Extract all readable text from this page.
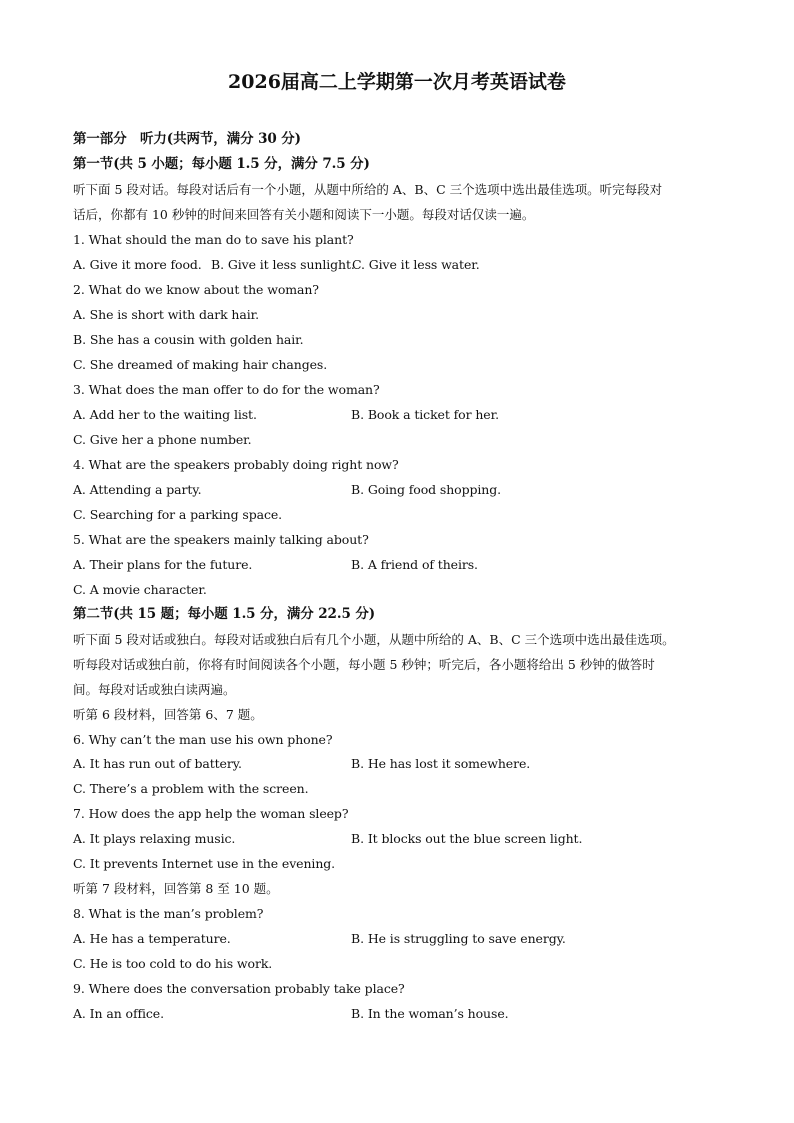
2026届高二上学期第一次月考英语试卷
第一部分　听力(共两节，满分 30 分)
第一节(共 5 小题；每小题 1.5 分，满分 7.5 分)
听下面 5 段对话。每段对话后有一个小题，从题中所给的 A、B、C 三个选项中选出最佳选项。听完每段对
话后，你都有 10 秒钟的时间来回答有关小题和阅读下一小题。每段对话仅读一遍。
1. What should the man do to save his plant?
A. Give it more food. B. Give it less sunlight.
C. Give it less water.
2. What do we know about the woman?
A. She is short with dark hair.
B. She has a cousin with golden hair.
C. She dreamed of making hair changes.
3. What does the man offer to do for the woman?
A. Add her to the waiting list.	B. Book a ticket for her.
C. Give her a phone number.
4. What are the speakers probably doing right now?
A. Attending a party.	B. Going food shopping.
C. Searching for a parking space.
5. What are the speakers mainly talking about?
A. Their plans for the future.	B. A friend of theirs.
C. A movie character.
第二节(共 15 题；每小题 1.5 分，满分 22.5 分)
听下面 5 段对话或独白。每段对话或独白后有几个小题，从题中所给的 A、B、C 三个选项中选出最佳选项。
听每段对话或独白前，你将有时间阅读各个小题，每小题 5 秒钟；听完后，各小题将给出 5 秒钟的做答时
间。每段对话或独白读两遍。
听第 6 段材料，回答第 6、7 题。
6. Why can’t the man use his own phone?
A. It has run out of battery.	B. He has lost it somewhere.
C. There’s a problem with the screen.
7. How does the app help the woman sleep?
A. It plays relaxing music.	B. It blocks out the blue screen light.
C. It prevents Internet use in the evening.
听第 7 段材料，回答第 8 至 10 题。
8. What is the man’s problem?
A. He has a temperature.	B. He is struggling to save energy.
C. He is too cold to do his work.
9. Where does the conversation probably take place?
A. In an office.	B. In the woman’s house.
